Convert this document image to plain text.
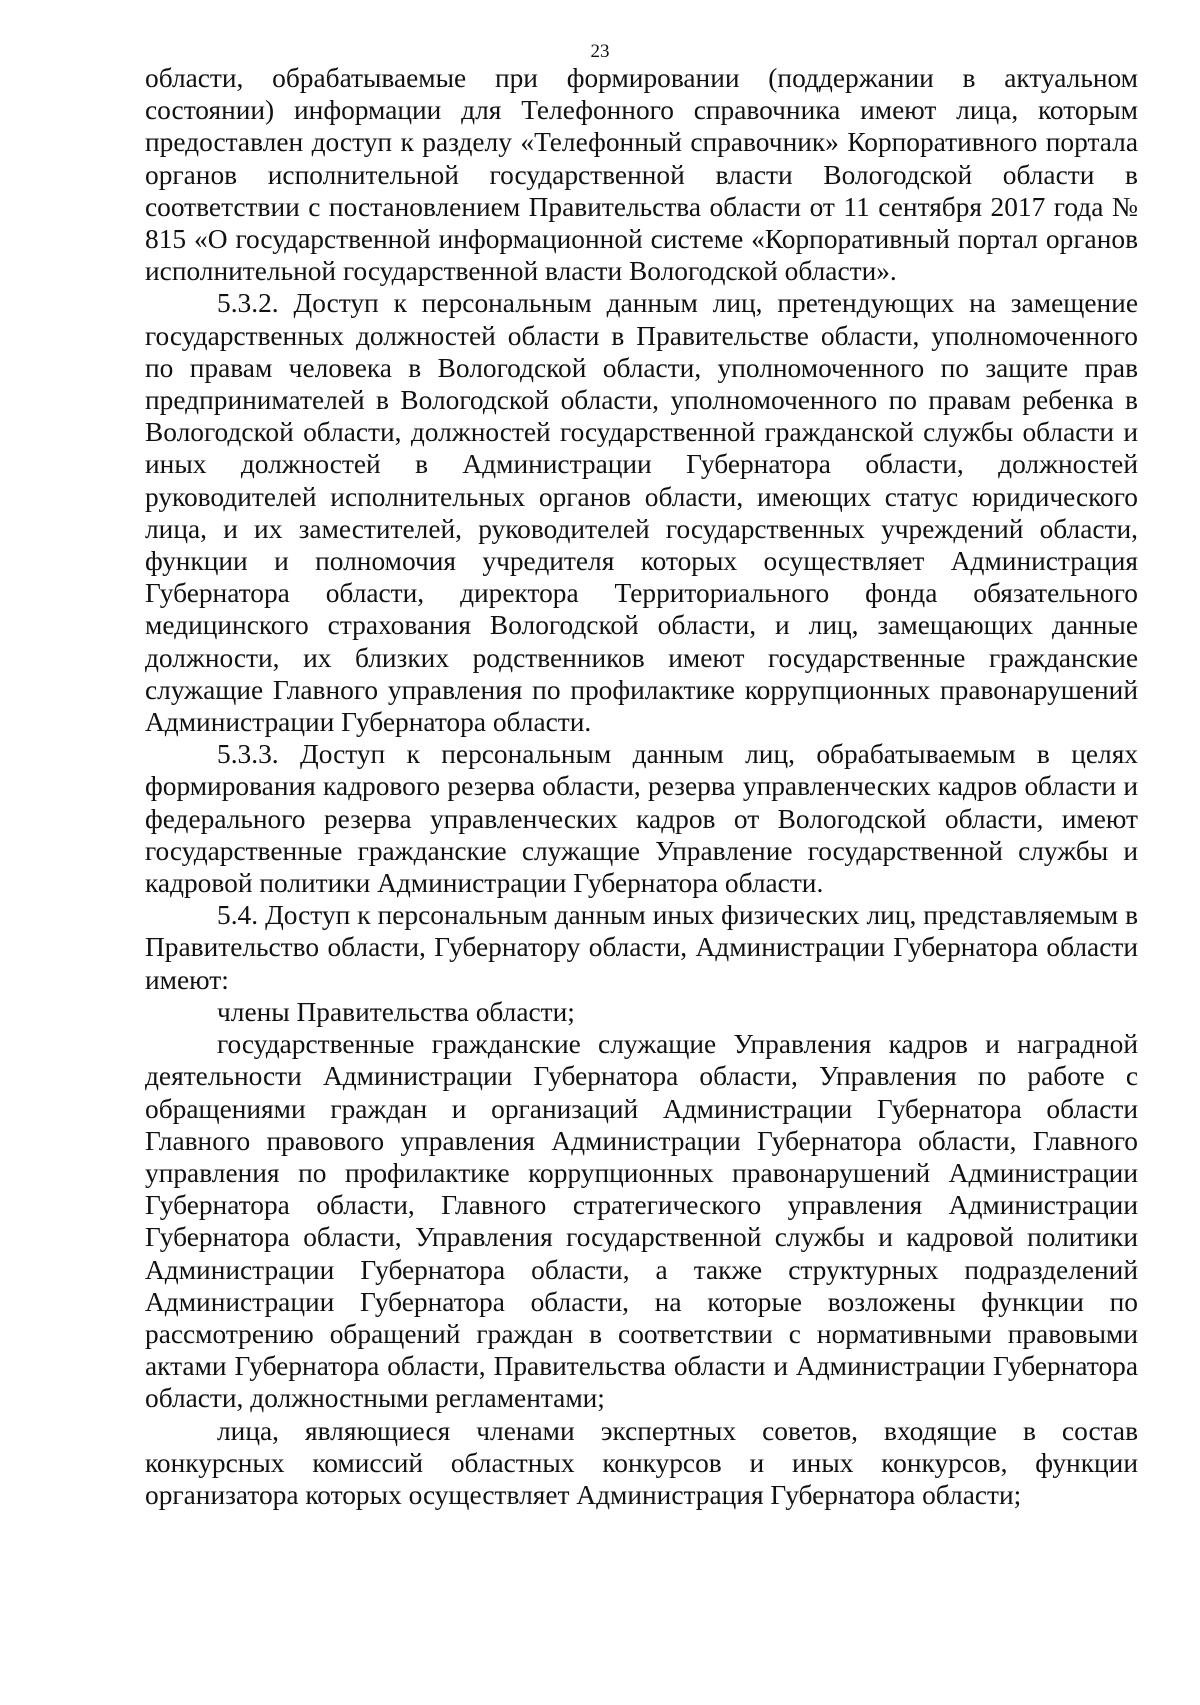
23

области, обрабатываемые при формировании (поддержании в актуальном состоянии) информации для Телефонного справочника имеют лица, которым предоставлен доступ к разделу «Телефонный справочник» Корпоративного портала органов исполнительной государственной власти Вологодской области в соответствии с постановлением Правительства области от 11 сентября 2017 года № 815 «О государственной информационной системе «Корпоративный портал органов исполнительной государственной власти Вологодской области».

5.3.2. Доступ к персональным данным лиц, претендующих на замещение государственных должностей области в Правительстве области, уполномоченного по правам человека в Вологодской области, уполномоченного по защите прав предпринимателей в Вологодской области, уполномоченного по правам ребенка в Вологодской области, должностей государственной гражданской службы области и иных должностей в Администрации Губернатора области, должностей руководителей исполнительных органов области, имеющих статус юридического лица, и их заместителей, руководителей государственных учреждений области, функции и полномочия учредителя которых осуществляет Администрация Губернатора области, директора Территориального фонда обязательного медицинского страхования Вологодской области, и лиц, замещающих данные должности, их близких родственников имеют государственные гражданские служащие Главного управления по профилактике коррупционных правонарушений Администрации Губернатора области.

5.3.3. Доступ к персональным данным лиц, обрабатываемым в целях формирования кадрового резерва области, резерва управленческих кадров области и федерального резерва управленческих кадров от Вологодской области, имеют государственные гражданские служащие Управление государственной службы и кадровой политики Администрации Губернатора области.

5.4. Доступ к персональным данным иных физических лиц, представляемым в Правительство области, Губернатору области, Администрации Губернатора области имеют:

члены Правительства области;

государственные гражданские служащие Управления кадров и наградной деятельности Администрации Губернатора области, Управления по работе с обращениями граждан и организаций Администрации Губернатора области Главного правового управления Администрации Губернатора области, Главного управления по профилактике коррупционных правонарушений Администрации Губернатора области, Главного стратегического управления Администрации Губернатора области, Управления государственной службы и кадровой политики Администрации Губернатора области, а также структурных подразделений Администрации Губернатора области, на которые возложены функции по рассмотрению обращений граждан в соответствии с нормативными правовыми актами Губернатора области, Правительства области и Администрации Губернатора области, должностными регламентами;

лица, являющиеся членами экспертных советов, входящие в состав конкурсных комиссий областных конкурсов и иных конкурсов, функции организатора которых осуществляет Администрация Губернатора области;
